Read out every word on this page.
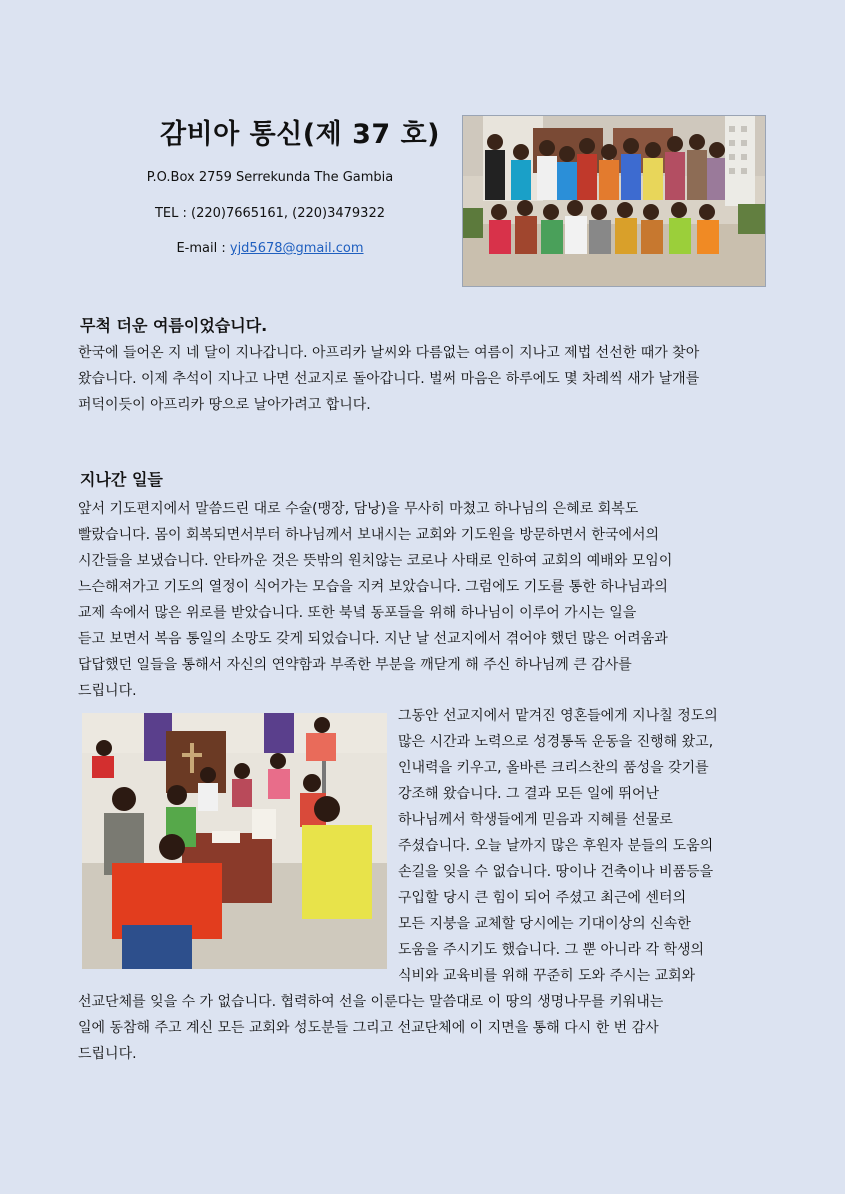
감비아 통신(제 37 호)
P.O.Box 2759 Serrekunda The Gambia
TEL : (220)7665161, (220)3479322
E-mail : yjd5678@gmail.com
무척 더운 여름이었습니다.
한국에 들어온 지 네 달이 지나갑니다. 아프리카 날씨와 다름없는 여름이 지나고 제법 선선한 때가 찾아
왔습니다. 이제 추석이 지나고 나면 선교지로 돌아갑니다. 벌써 마음은 하루에도 몇 차례씩 새가 날개를
퍼덕이듯이 아프리카 땅으로 날아가려고 합니다.
지나간 일들
앞서 기도편지에서 말씀드린 대로 수술(맹장, 담낭)을 무사히 마쳤고 하나님의 은혜로 회복도
빨랐습니다. 몸이 회복되면서부터 하나님께서 보내시는 교회와 기도원을 방문하면서 한국에서의
시간들을 보냈습니다. 안타까운 것은 뜻밖의 원치않는 코로나 사태로 인하여 교회의 예배와 모임이
느슨해져가고 기도의 열정이 식어가는 모습을 지켜 보았습니다. 그럼에도 기도를 통한 하나님과의
교제 속에서 많은 위로를 받았습니다. 또한 북녘 동포들을 위해 하나님이 이루어 가시는 일을
듣고 보면서 복음 통일의 소망도 갖게 되었습니다. 지난 날 선교지에서 겪어야 했던 많은 어려움과
답답했던 일들을 통해서 자신의 연약함과 부족한 부분을 깨닫게 해 주신 하나님께 큰 감사를
드립니다.
그동안 선교지에서 맡겨진 영혼들에게 지나칠 정도의
많은 시간과 노력으로 성경통독 운동을 진행해 왔고,
인내력을 키우고, 올바른 크리스찬의 품성을 갖기를
강조해 왔습니다. 그 결과 모든 일에 뛰어난
하나님께서 학생들에게 믿음과 지혜를 선물로
주셨습니다. 오늘 날까지 많은 후원자 분들의 도움의
손길을 잊을 수 없습니다. 땅이나 건축이나 비품등을
구입할 당시 큰 힘이 되어 주셨고 최근에 센터의
모든 지붕을 교체할 당시에는 기대이상의 신속한
도움을 주시기도 했습니다. 그 뿐 아니라 각 학생의
식비와 교육비를 위해 꾸준히 도와 주시는 교회와
선교단체를 잊을 수 가 없습니다. 협력하여 선을 이룬다는 말씀대로 이 땅의 생명나무를 키워내는
일에 동참해 주고 계신 모든 교회와 성도분들 그리고 선교단체에 이 지면을 통해 다시 한 번 감사
드립니다.
